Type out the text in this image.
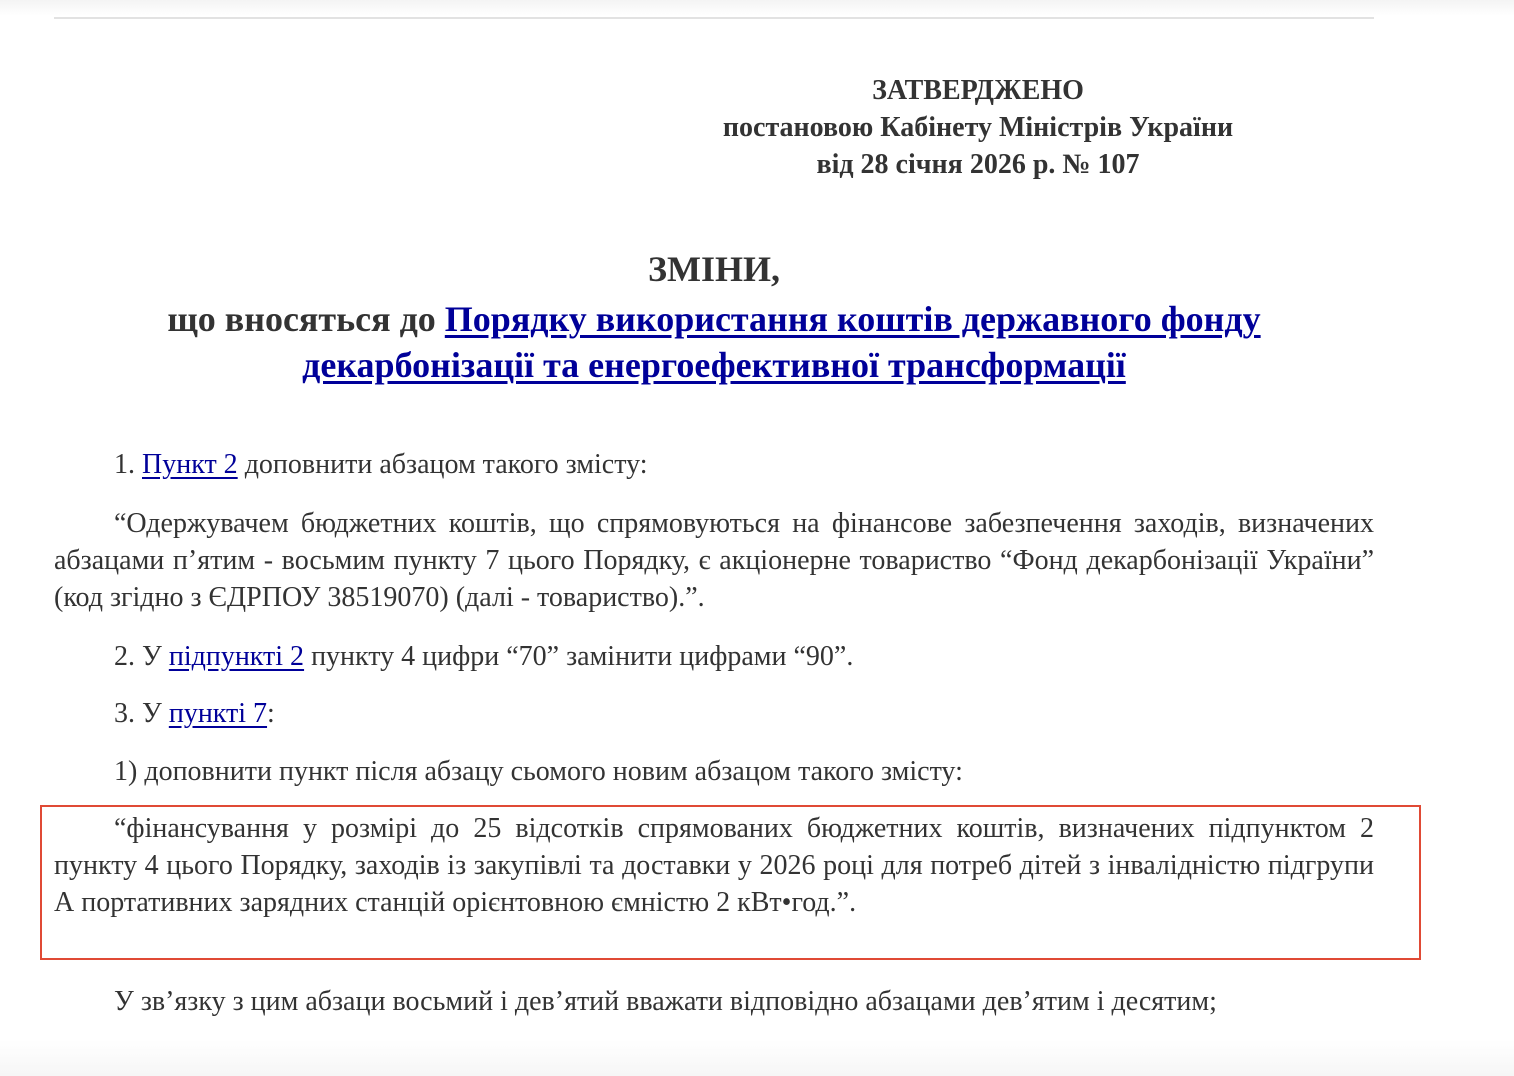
ЗАТВЕРДЖЕНО
постановою Кабінету Міністрів України
від 28 січня 2026 р. № 107
ЗМІНИ,
що вносяться до Порядку використання коштів державного фонду декарбонізації та енергоефективної трансформації

1. Пункт 2 доповнити абзацом такого змісту:

“Одержувачем бюджетних коштів, що спрямовуються на фінансове забезпечення заходів, визначених абзацами п’ятим - восьмим пункту 7 цього Порядку, є акціонерне товариство “Фонд декарбонізації України” (код згідно з ЄДРПОУ 38519070) (далі - товариство).”.

2. У підпункті 2 пункту 4 цифри “70” замінити цифрами “90”.

3. У пункті 7:

1) доповнити пункт після абзацу сьомого новим абзацом такого змісту:

“фінансування у розмірі до 25 відсотків спрямованих бюджетних коштів, визначених підпунктом 2 пункту 4 цього Порядку, заходів із закупівлі та доставки у 2026 році для потреб дітей з інвалідністю підгрупи А портативних зарядних станцій орієнтовною ємністю 2 кВт•год.”.

У зв’язку з цим абзаци восьмий і дев’ятий вважати відповідно абзацами дев’ятим і десятим;
